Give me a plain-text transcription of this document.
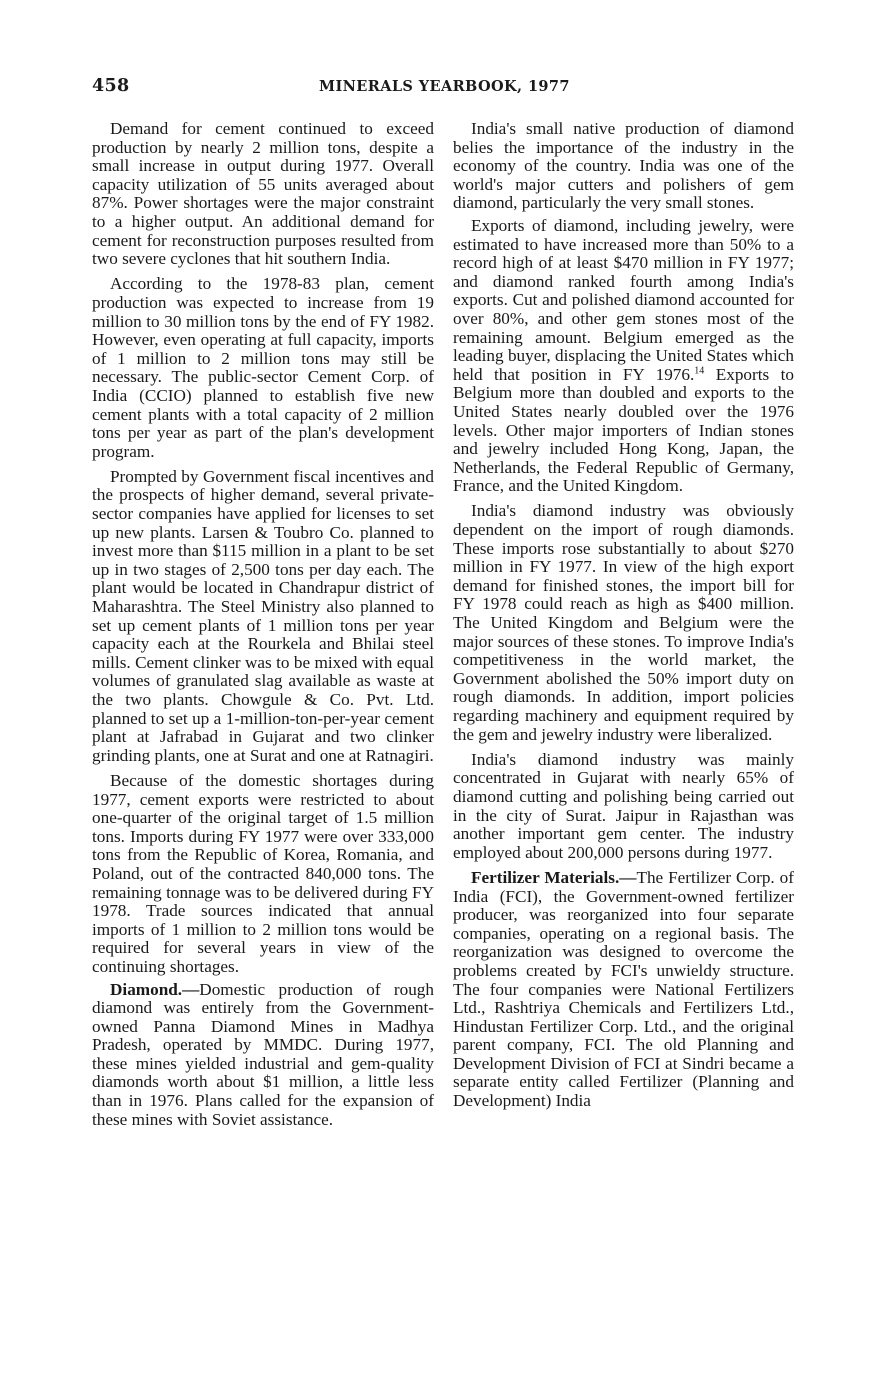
458	MINERALS YEARBOOK, 1977

Demand for cement continued to exceed production by nearly 2 million tons, despite a small increase in output during 1977. Overall capacity utilization of 55 units averaged about 87%. Power shortages were the major constraint to a higher output. An additional demand for cement for reconstruction purposes resulted from two severe cyclones that hit southern India.

According to the 1978-83 plan, cement production was expected to increase from 19 million to 30 million tons by the end of FY 1982. However, even operating at full capacity, imports of 1 million to 2 million tons may still be necessary. The public-sector Cement Corp. of India (CCIO) planned to establish five new cement plants with a total capacity of 2 million tons per year as part of the plan's development program.

Prompted by Government fiscal incentives and the prospects of higher demand, several private-sector companies have applied for licenses to set up new plants. Larsen & Toubro Co. planned to invest more than $115 million in a plant to be set up in two stages of 2,500 tons per day each. The plant would be located in Chandrapur district of Maharashtra. The Steel Ministry also planned to set up cement plants of 1 million tons per year capacity each at the Rourkela and Bhilai steel mills. Cement clinker was to be mixed with equal volumes of granulated slag available as waste at the two plants. Chowgule & Co. Pvt. Ltd. planned to set up a 1-million-ton-per-year cement plant at Jafrabad in Gujarat and two clinker grinding plants, one at Surat and one at Ratnagiri.

Because of the domestic shortages during 1977, cement exports were restricted to about one-quarter of the original target of 1.5 million tons. Imports during FY 1977 were over 333,000 tons from the Republic of Korea, Romania, and Poland, out of the contracted 840,000 tons. The remaining tonnage was to be delivered during FY 1978. Trade sources indicated that annual imports of 1 million to 2 million tons would be required for several years in view of the continuing shortages.

Diamond.—Domestic production of rough diamond was entirely from the Government-owned Panna Diamond Mines in Madhya Pradesh, operated by MMDC. During 1977, these mines yielded industrial and gem-quality diamonds worth about $1 million, a little less than in 1976. Plans called for the expansion of these mines with Soviet assistance.

India's small native production of diamond belies the importance of the industry in the economy of the country. India was one of the world's major cutters and polishers of gem diamond, particularly the very small stones.

Exports of diamond, including jewelry, were estimated to have increased more than 50% to a record high of at least $470 million in FY 1977; and diamond ranked fourth among India's exports. Cut and polished diamond accounted for over 80%, and other gem stones most of the remaining amount. Belgium emerged as the leading buyer, displacing the United States which held that position in FY 1976.14 Exports to Belgium more than doubled and exports to the United States nearly doubled over the 1976 levels. Other major importers of Indian stones and jewelry included Hong Kong, Japan, the Netherlands, the Federal Republic of Germany, France, and the United Kingdom.

India's diamond industry was obviously dependent on the import of rough diamonds. These imports rose substantially to about $270 million in FY 1977. In view of the high export demand for finished stones, the import bill for FY 1978 could reach as high as $400 million. The United Kingdom and Belgium were the major sources of these stones. To improve India's competitiveness in the world market, the Government abolished the 50% import duty on rough diamonds. In addition, import policies regarding machinery and equipment required by the gem and jewelry industry were liberalized.

India's diamond industry was mainly concentrated in Gujarat with nearly 65% of diamond cutting and polishing being carried out in the city of Surat. Jaipur in Rajasthan was another important gem center. The industry employed about 200,000 persons during 1977.

Fertilizer Materials.—The Fertilizer Corp. of India (FCI), the Government-owned fertilizer producer, was reorganized into four separate companies, operating on a regional basis. The reorganization was designed to overcome the problems created by FCI's unwieldy structure. The four companies were National Fertilizers Ltd., Rashtriya Chemicals and Fertilizers Ltd., Hindustan Fertilizer Corp. Ltd., and the original parent company, FCI. The old Planning and Development Division of FCI at Sindri became a separate entity called Fertilizer (Planning and Development) India
